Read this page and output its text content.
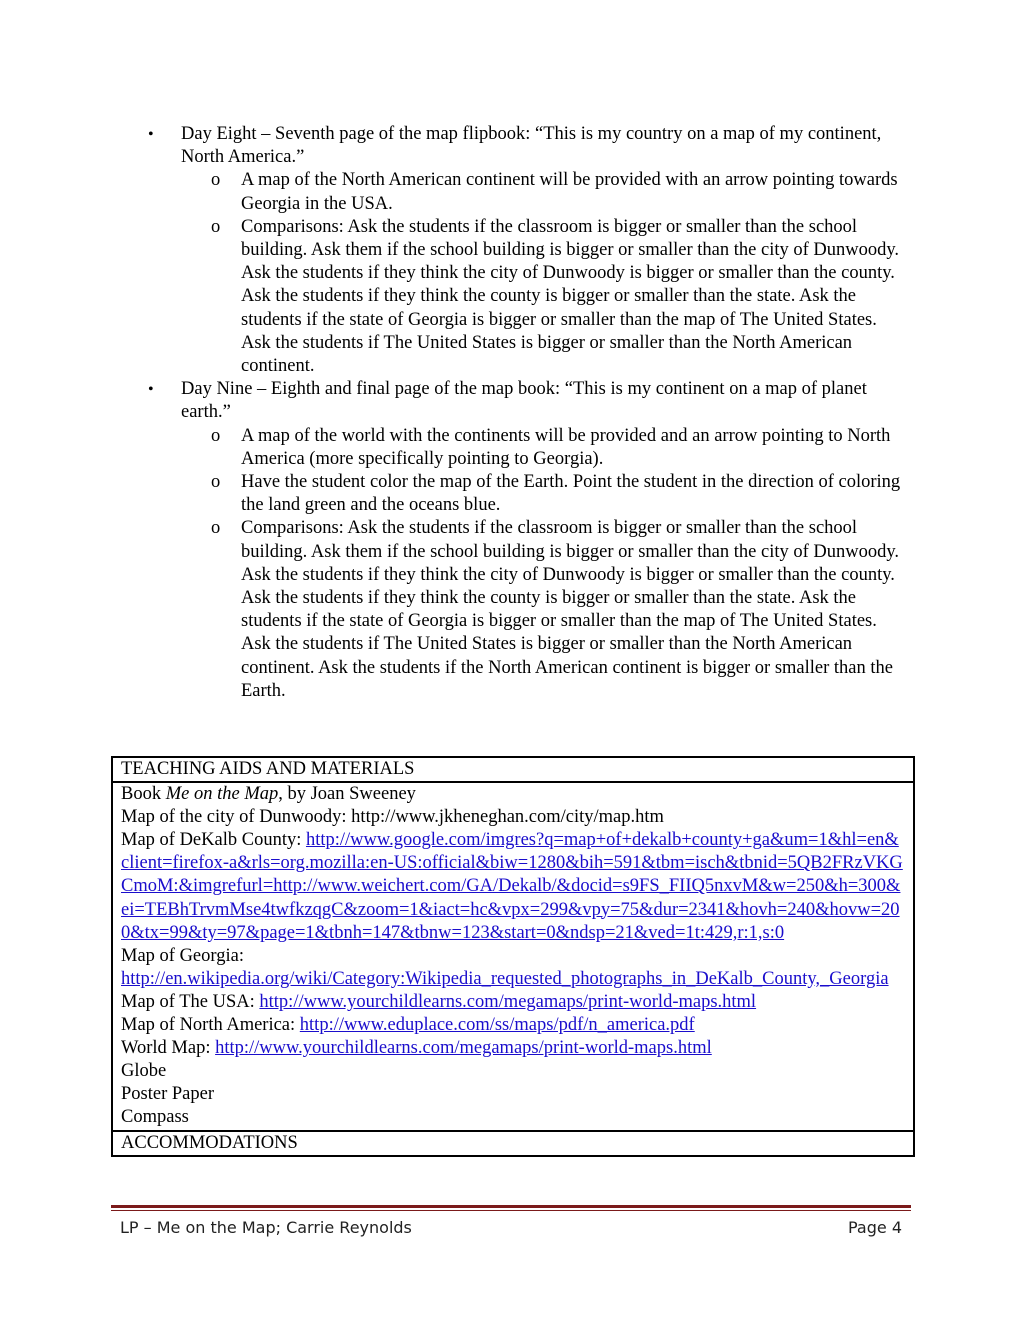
• Day Eight – Seventh page of the map flipbook: “This is my country on a map of my continent, North America.”
o A map of the North American continent will be provided with an arrow pointing towards Georgia in the USA.
o Comparisons: Ask the students if the classroom is bigger or smaller than the school building. Ask them if the school building is bigger or smaller than the city of Dunwoody. Ask the students if they think the city of Dunwoody is bigger or smaller than the county. Ask the students if they think the county is bigger or smaller than the state. Ask the students if the state of Georgia is bigger or smaller than the map of The United States. Ask the students if The United States is bigger or smaller than the North American continent.
• Day Nine – Eighth and final page of the map book: “This is my continent on a map of planet earth.”
o A map of the world with the continents will be provided and an arrow pointing to North America (more specifically pointing to Georgia).
o Have the student color the map of the Earth. Point the student in the direction of coloring the land green and the oceans blue.
o Comparisons: Ask the students if the classroom is bigger or smaller than the school building. Ask them if the school building is bigger or smaller than the city of Dunwoody. Ask the students if they think the city of Dunwoody is bigger or smaller than the county. Ask the students if they think the county is bigger or smaller than the state. Ask the students if the state of Georgia is bigger or smaller than the map of The United States. Ask the students if The United States is bigger or smaller than the North American continent. Ask the students if the North American continent is bigger or smaller than the Earth.
TEACHING AIDS AND MATERIALS
Book Me on the Map, by Joan Sweeney
Map of the city of Dunwoody: http://www.jkheneghan.com/city/map.htm
Map of DeKalb County: http://www.google.com/imgres?q=map+of+dekalb+county+ga&um=1&hl=en&client=firefox-a&rls=org.mozilla:en-US:official&biw=1280&bih=591&tbm=isch&tbnid=5QB2FRzVKGCmoM:&imgrefurl=http://www.weichert.com/GA/Dekalb/&docid=s9FS_FIIQ5nxvM&w=250&h=300&ei=TEBhTrvmMse4twfkzqgC&zoom=1&iact=hc&vpx=299&vpy=75&dur=2341&hovh=240&hovw=200&tx=99&ty=97&page=1&tbnh=147&tbnw=123&start=0&ndsp=21&ved=1t:429,r:1,s:0
Map of Georgia:
http://en.wikipedia.org/wiki/Category:Wikipedia_requested_photographs_in_DeKalb_County,_Georgia
Map of The USA: http://www.yourchildlearns.com/megamaps/print-world-maps.html
Map of North America: http://www.eduplace.com/ss/maps/pdf/n_america.pdf
World Map: http://www.yourchildlearns.com/megamaps/print-world-maps.html
Globe
Poster Paper
Compass
ACCOMMODATIONS
LP – Me on the Map; Carrie Reynolds	Page 4
